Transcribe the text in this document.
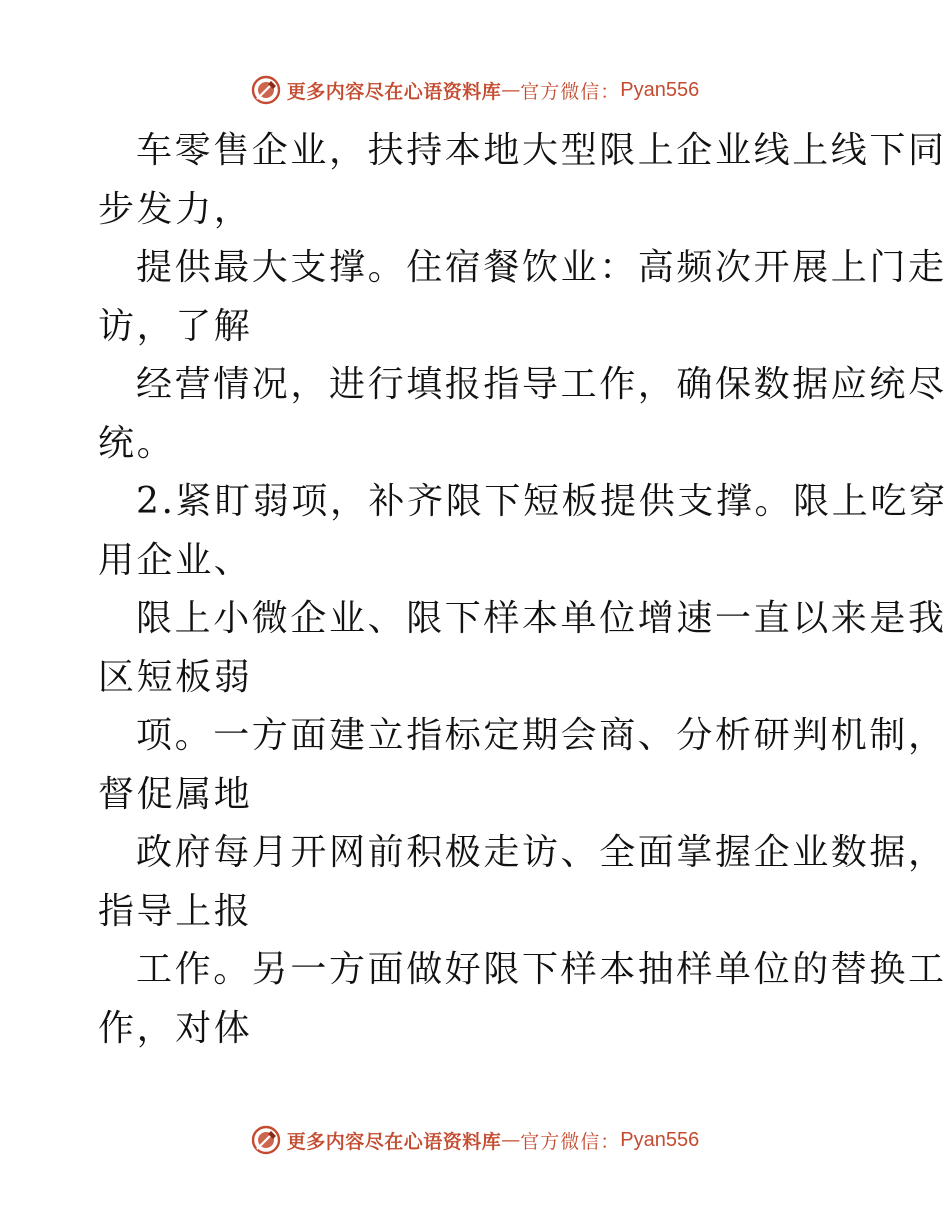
更多内容尽在心语资料库 — 官方微信： Pyan556
车零售企业，扶持本地大型限上企业线上线下同
步发力，
提供最大支撑。住宿餐饮业：高频次开展上门走
访，了解
经营情况，进行填报指导工作，确保数据应统尽
统。
2.紧盯弱项，补齐限下短板提供支撑。限上吃穿
用企业、
限上小微企业、限下样本单位增速一直以来是我
区短板弱
项。一方面建立指标定期会商、分析研判机制，
督促属地
政府每月开网前积极走访、全面掌握企业数据，
指导上报
工作。另一方面做好限下样本抽样单位的替换工
作，对体
更多内容尽在心语资料库 — 官方微信： Pyan556
